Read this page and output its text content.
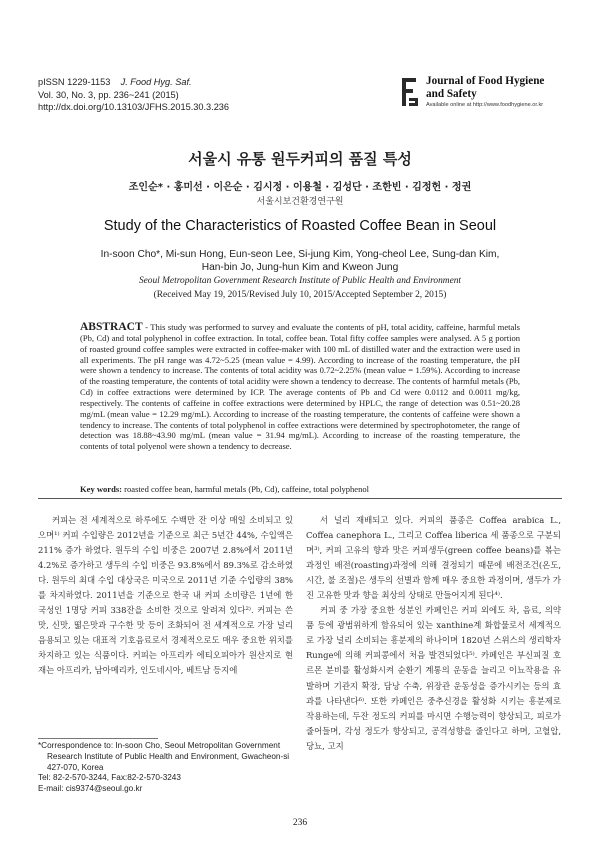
pISSN 1229-1153 J. Food Hyg. Saf.
Vol. 30, No. 3, pp. 236~241 (2015)
http://dx.doi.org/10.13103/JFHS.2015.30.3.236
Journal of Food Hygiene
and Safety
Available online at http://www.foodhygiene.or.kr
서울시 유통 원두커피의 품질 특성
조인순* · 홍미선 · 이은순 · 김시정 · 이용철 · 김성단 · 조한빈 · 김정헌 · 정권
서울시보건환경연구원
Study of the Characteristics of Roasted Coffee Bean in Seoul
In-soon Cho*, Mi-sun Hong, Eun-seon Lee, Si-jung Kim, Yong-cheol Lee, Sung-dan Kim,
Han-bin Jo, Jung-hun Kim and Kweon Jung
Seoul Metropolitan Government Research Institute of Public Health and Environment
(Received May 19, 2015/Revised July 10, 2015/Accepted September 2, 2015)
ABSTRACT - This study was performed to survey and evaluate the contents of pH, total acidity, caffeine, harmful metals (Pb, Cd) and total polyphenol in coffee extraction. In total, coffee bean. Total fifty coffee samples were analysed. A 5 g portion of roasted ground coffee samples were extracted in coffee-maker with 100 mL of distilled water and the extraction were used in all experiments. The pH range was 4.72~5.25 (mean value = 4.99). According to increase of the roasting temperature, the pH were shown a tendency to increase. The contents of total acidity was 0.72~2.25% (mean value = 1.59%). According to increase of the roasting temperature, the contents of total acidity were shown a tendency to decrease. The contents of harmful metals (Pb, Cd) in coffee extractions were determined by ICP. The average contents of Pb and Cd were 0.0112 and 0.0011 mg/kg, respectively. The contents of caffeine in coffee extractions were determined by HPLC, the range of detection was 0.51~20.28 mg/mL (mean value = 12.29 mg/mL). According to increase of the roasting temperature, the contents of caffeine were shown a tendency to increase. The contents of total polyphenol in coffee extractions were determined by spectrophotometer, the range of detection was 18.88~43.90 mg/mL (mean value = 31.94 mg/mL). According to increase of the roasting temperature, the contents of total polyenol were shown a tendency to decrease.
Key words: roasted coffee bean, harmful metals (Pb, Cd), caffeine, total polyphenol

커피는 전 세계적으로 하루에도 수백만 잔 이상 매일 소비되고 있으며¹⁾ 커피 수입량은 2012년을 기준으로 최근 5년간 44%, 수입액은 211% 증가 하였다. 원두의 수입 비중은 2007년 2.8%에서 2011년 4.2%로 증가하고 생두의 수입 비중은 93.8%에서 89.3%로 감소하였다. 원두의 최대 수입 대상국은 미국으로 2011년 기준 수입량의 38%를 차지하였다. 2011년을 기준으로 한국 내 커피 소비량은 1년에 한국성인 1명당 커피 338잔을 소비한 것으로 알려져 있다²⁾. 커피는 쓴맛, 신맛, 떫은맛과 구수한 맛 등이 조화되어 전 세계적으로 가장 널리 음용되고 있는 대표적 기호음료로서 경제적으로도 매우 중요한 위치를 차지하고 있는 식품이다. 커피는 아프리카 에티오피아가 원산지로 현재는 아프리카, 남아메리카, 인도네시아, 베트남 등지에

서 널리 재배되고 있다. 커피의 품종은 Coffea arabica L., Coffea canephora L., 그리고 Coffea liberica 세 품종으로 구분되며³⁾, 커피 고유의 향과 맛은 커피생두(green coffee beans)를 볶는 과정인 배전(roasting)과정에 의해 결정되기 때문에 배전조건(온도, 시간, 불 조절)은 생두의 선별과 함께 매우 중요한 과정이며, 생두가 가진 고유한 맛과 향을 최상의 상태로 만들어지게 된다⁴⁾.

커피 중 가장 중요한 성분인 카페인은 커피 외에도 차, 음료, 의약품 등에 광범위하게 함유되어 있는 xanthine계 화합물로서 세계적으로 가장 널리 소비되는 흥분제의 하나이며 1820년 스위스의 생리학자 Runge에 의해 커피콩에서 처음 발견되었다⁵⁾. 카페인은 부신피질 호르몬 분비를 활성화시켜 순환기 계통의 운동을 늘리고 이뇨작용을 유발하며 기관지 확장, 담낭 수축, 위장관 운동성을 증가시키는 등의 효과를 나타낸다⁶⁾. 또한 카페인은 중추신경을 활성화 시키는 흥분제로 작용하는데, 두잔 정도의 커피를 마시면 수행능력이 향상되고, 피로가 줄어들며, 각성 정도가 향상되고, 공격성향을 줄인다고 하며, 고혈압, 당뇨, 고지

*Correspondence to: In-soon Cho, Seoul Metropolitan Government
Research Institute of Public Health and Environment, Gwacheon-si
427-070, Korea
Tel: 82-2-570-3244, Fax:82-2-570-3243
E-mail: cis9374@seoul.go.kr
236
